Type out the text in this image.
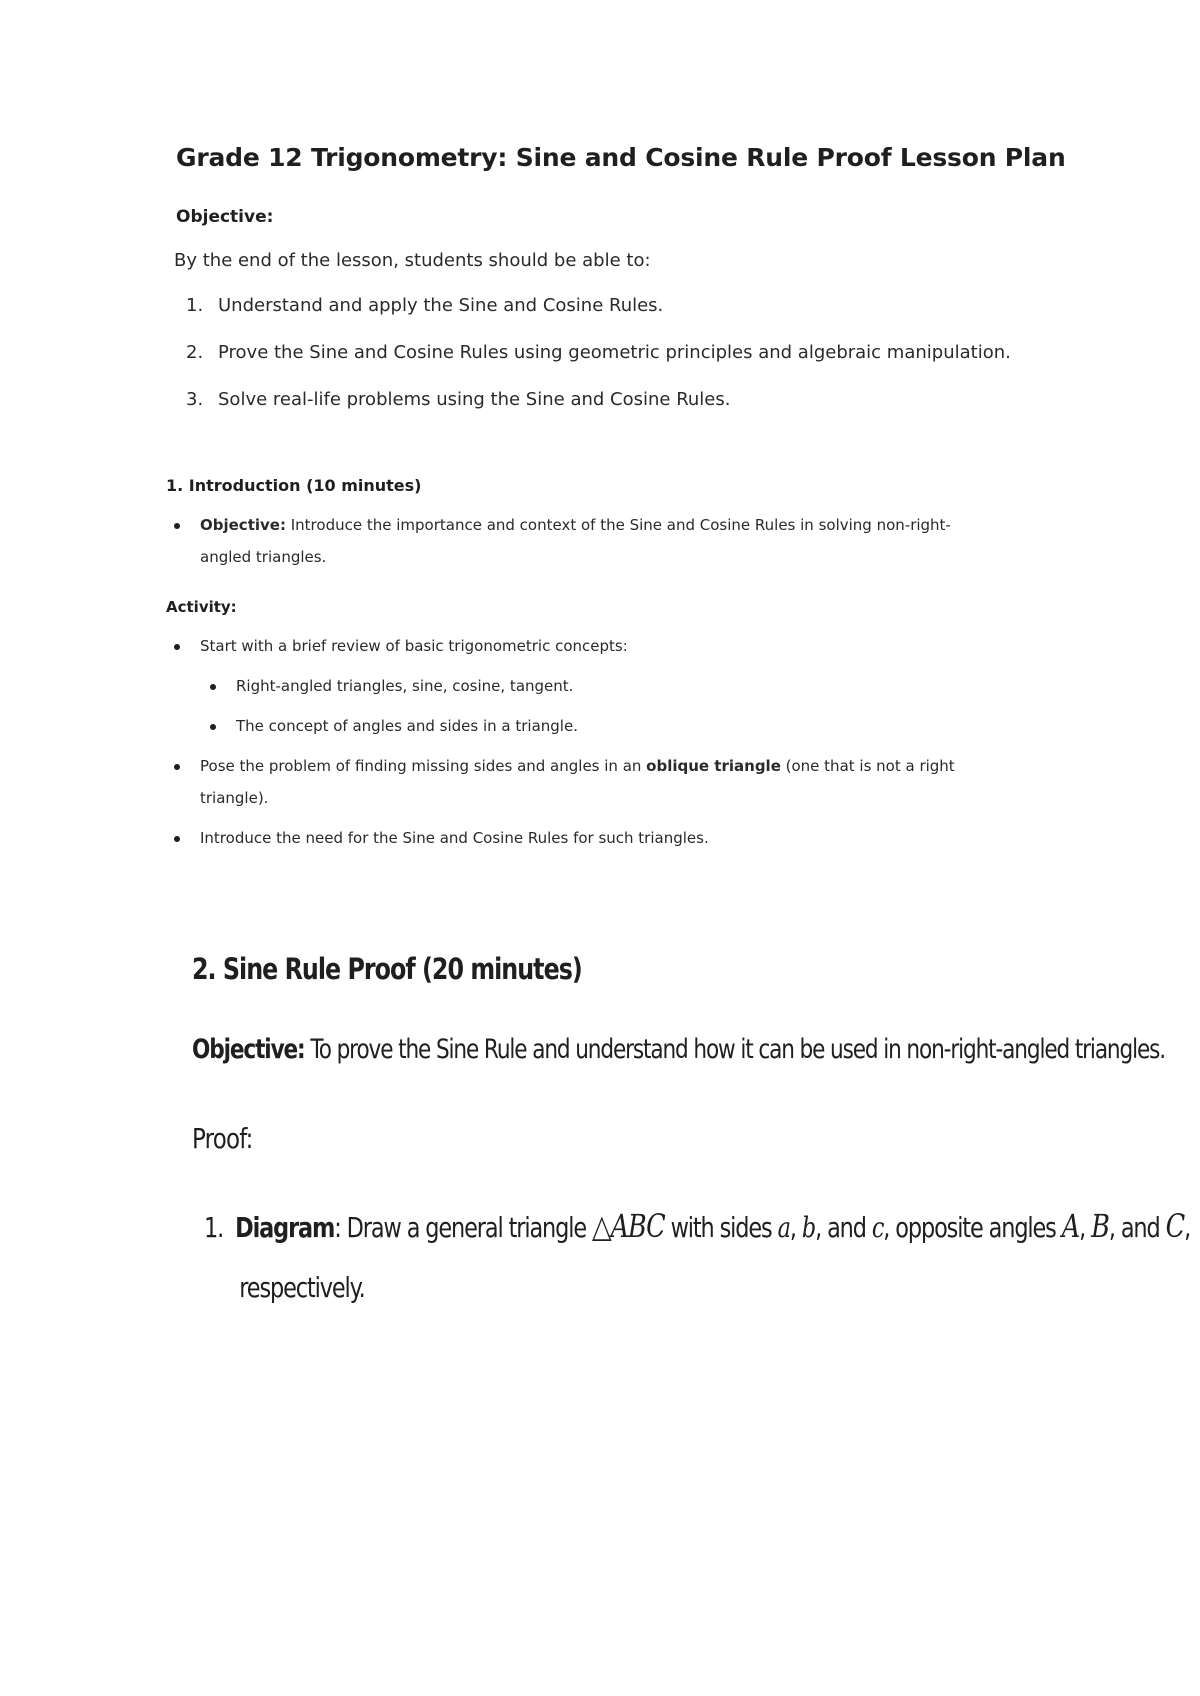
Grade 12 Trigonometry: Sine and Cosine Rule Proof Lesson Plan
Objective:
By the end of the lesson, students should be able to:
1. Understand and apply the Sine and Cosine Rules.
2. Prove the Sine and Cosine Rules using geometric principles and algebraic manipulation.
3. Solve real-life problems using the Sine and Cosine Rules.
1. Introduction (10 minutes)
Objective: Introduce the importance and context of the Sine and Cosine Rules in solving non-right-angled triangles.
Activity:
Start with a brief review of basic trigonometric concepts:
Right-angled triangles, sine, cosine, tangent.
The concept of angles and sides in a triangle.
Pose the problem of finding missing sides and angles in an oblique triangle (one that is not a right triangle).
Introduce the need for the Sine and Cosine Rules for such triangles.
2. Sine Rule Proof (20 minutes)
Objective: To prove the Sine Rule and understand how it can be used in non-right-angled triangles.
Proof:
1. Diagram: Draw a general triangle △ABC with sides a, b, and c, opposite angles A, B, and C,
respectively.
